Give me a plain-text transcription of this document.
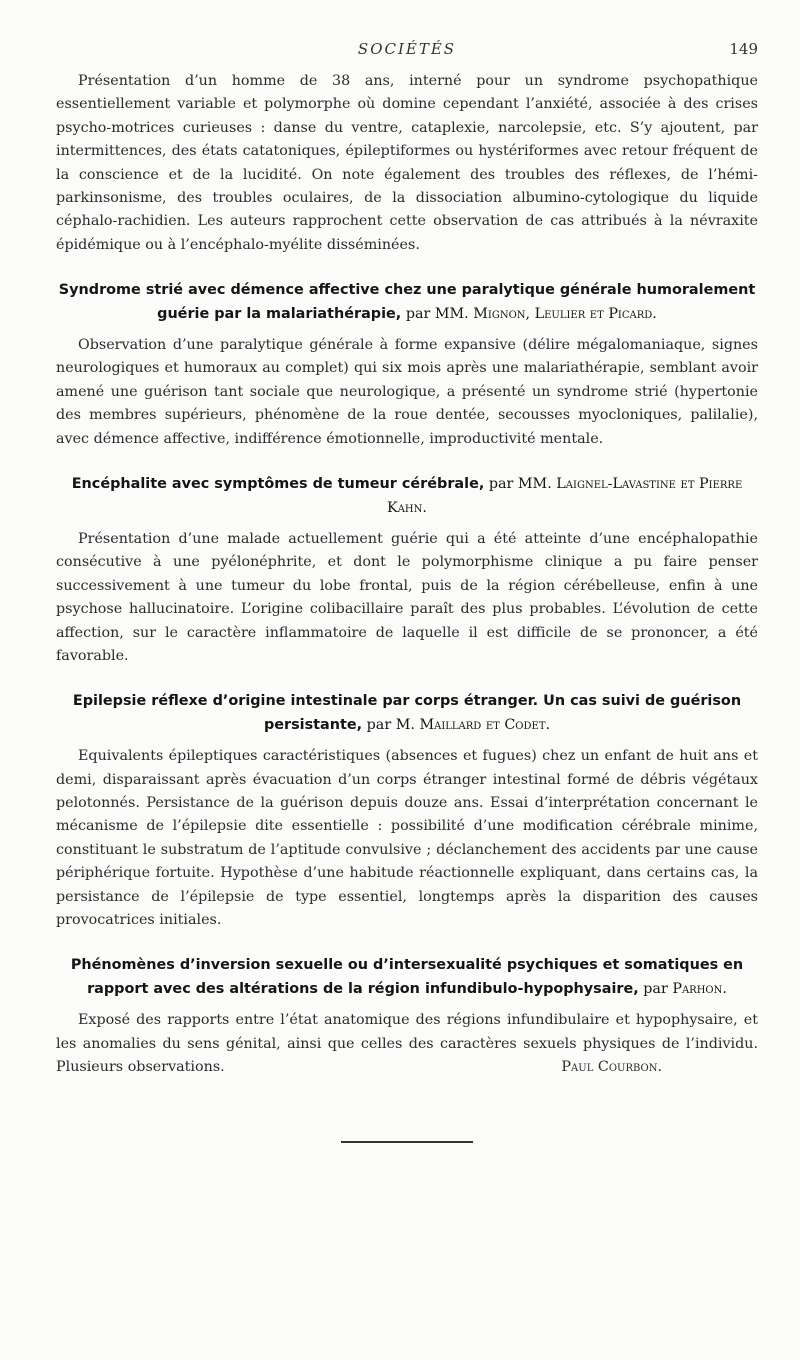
SOCIÉTÉS	149

Présentation d’un homme de 38 ans, interné pour un syndrome psychopathique essentiellement variable et polymorphe où domine cependant l’anxiété, associée à des crises psycho-motrices curieuses : danse du ventre, cataplexie, narcolepsie, etc. S’y ajoutent, par intermittences, des états catatoniques, épileptiformes ou hystériformes avec retour fréquent de la conscience et de la lucidité. On note également des troubles des réflexes, de l’hémi-parkinsonisme, des troubles oculaires, de la dissociation albumino-cytologique du liquide céphalo-rachidien. Les auteurs rapprochent cette observation de cas attribués à la névraxite épidémique ou à l’encéphalo-myélite disséminées.

Syndrome strié avec démence affective chez une paralytique générale humoralement guérie par la malariathérapie, par MM. Mignon, Leulier et Picard.

Observation d’une paralytique générale à forme expansive (délire mégalomaniaque, signes neurologiques et humoraux au complet) qui six mois après une malariathérapie, semblant avoir amené une guérison tant sociale que neurologique, a présenté un syndrome strié (hypertonie des membres supérieurs, phénomène de la roue dentée, secousses myocloniques, palilalie), avec démence affective, indifférence émotionnelle, improductivité mentale.

Encéphalite avec symptômes de tumeur cérébrale, par MM. Laignel-Lavastine et Pierre Kahn.

Présentation d’une malade actuellement guérie qui a été atteinte d’une encéphalopathie consécutive à une pyélonéphrite, et dont le polymorphisme clinique a pu faire penser successivement à une tumeur du lobe frontal, puis de la région cérébelleuse, enfin à une psychose hallucinatoire. L’origine colibacillaire paraît des plus probables. L’évolution de cette affection, sur le caractère inflammatoire de laquelle il est difficile de se prononcer, a été favorable.

Epilepsie réflexe d’origine intestinale par corps étranger. Un cas suivi de guérison persistante, par M. Maillard et Codet.

Equivalents épileptiques caractéristiques (absences et fugues) chez un enfant de huit ans et demi, disparaissant après évacuation d’un corps étranger intestinal formé de débris végétaux pelotonnés. Persistance de la guérison depuis douze ans. Essai d’interprétation concernant le mécanisme de l’épilepsie dite essentielle : possibilité d’une modification cérébrale minime, constituant le substratum de l’aptitude convulsive ; déclanchement des accidents par une cause périphérique fortuite. Hypothèse d’une habitude réactionnelle expliquant, dans certains cas, la persistance de l’épilepsie de type essentiel, longtemps après la disparition des causes provocatrices initiales.

Phénomènes d’inversion sexuelle ou d’intersexualité psychiques et somatiques en rapport avec des altérations de la région infundibulo-hypophysaire, par Parhon.

Exposé des rapports entre l’état anatomique des régions infundibulaire et hypophysaire, et les anomalies du sens génital, ainsi que celles des caractères sexuels physiques de l’individu. Plusieurs observations.	Paul Courbon.
